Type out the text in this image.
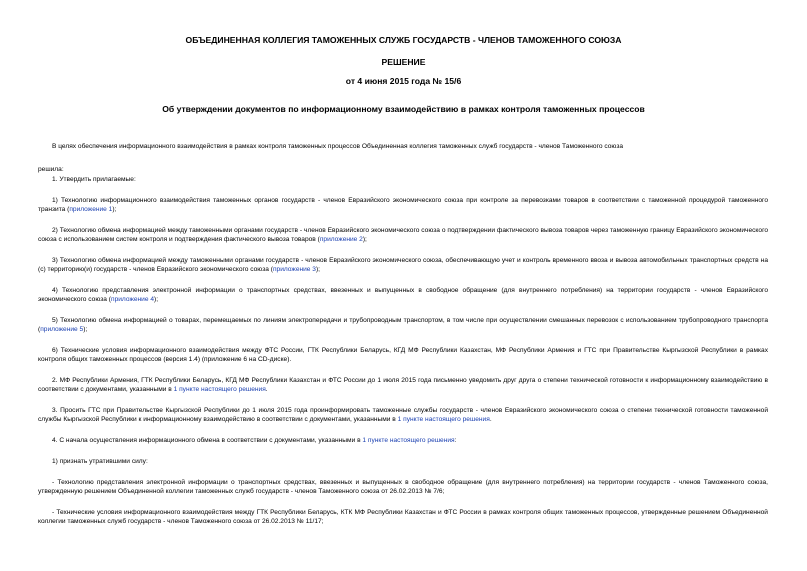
ОБЪЕДИНЕННАЯ КОЛЛЕГИЯ ТАМОЖЕННЫХ СЛУЖБ ГОСУДАРСТВ - ЧЛЕНОВ ТАМОЖЕННОГО СОЮЗА
РЕШЕНИЕ
от 4 июня 2015 года № 15/6
Об утверждении документов по информационному взаимодействию в рамках контроля таможенных процессов

В целях обеспечения информационного взаимодействия в рамках контроля таможенных процессов Объединенная коллегия таможенных служб государств - членов Таможенного союза

решила:

1. Утвердить прилагаемые:

1) Технологию информационного взаимодействия таможенных органов государств - членов Евразийского экономического союза при контроле за перевозками товаров в соответствии с таможенной процедурой таможенного транзита (приложение 1);

2) Технологию обмена информацией между таможенными органами государств - членов Евразийского экономического союза о подтверждении фактического вывоза товаров через таможенную границу Евразийского экономического союза с использованием систем контроля и подтверждения фактического вывоза товаров (приложение 2);

3) Технологию обмена информацией между таможенными органами государств - членов Евразийского экономического союза, обеспечивающую учет и контроль временного ввоза и вывоза автомобильных транспортных средств на (с) территорию(и) государств - членов Евразийского экономического союза (приложение 3);

4) Технологию представления электронной информации о транспортных средствах, ввезенных и выпущенных в свободное обращение (для внутреннего потребления) на территории государств - членов Евразийского экономического союза (приложение 4);

5) Технологию обмена информацией о товарах, перемещаемых по линиям электропередачи и трубопроводным транспортом, в том числе при осуществлении смешанных перевозок с использованием трубопроводного транспорта (приложение 5);

6) Технические условия информационного взаимодействия между ФТС России, ГТК Республики Беларусь, КГД МФ Республики Казахстан, МФ Республики Армения и ГТС при Правительстве Кыргызской Республики в рамках контроля общих таможенных процессов (версия 1.4) (приложение 6 на CD-диске).

2. МФ Республики Армения, ГТК Республики Беларусь, КГД МФ Республики Казахстан и ФТС России до 1 июля 2015 года письменно уведомить друг друга о степени технической готовности к информационному взаимодействию в соответствии с документами, указанными в 1 пункте настоящего решения.

3. Просить ГТС при Правительстве Кыргызской Республики до 1 июля 2015 года проинформировать таможенные службы государств - членов Евразийского экономического союза о степени технической готовности таможенной службы Кыргызской Республики к информационному взаимодействию в соответствии с документами, указанными в 1 пункте настоящего решения.

4. С начала осуществления информационного обмена в соответствии с документами, указанными в 1 пункте настоящего решения:

1) признать утратившими силу:

- Технологию представления электронной информации о транспортных средствах, ввезенных и выпущенных в свободное обращение (для внутреннего потребления) на территории государств - членов Таможенного союза, утвержденную решением Объединенной коллегии таможенных служб государств - членов Таможенного союза от 26.02.2013 № 7/6;

- Технические условия информационного взаимодействия между ГТК Республики Беларусь, КТК МФ Республики Казахстан и ФТС России в рамках контроля общих таможенных процессов, утвержденные решением Объединенной коллегии таможенных служб государств - членов Таможенного союза от 26.02.2013 № 11/17;
